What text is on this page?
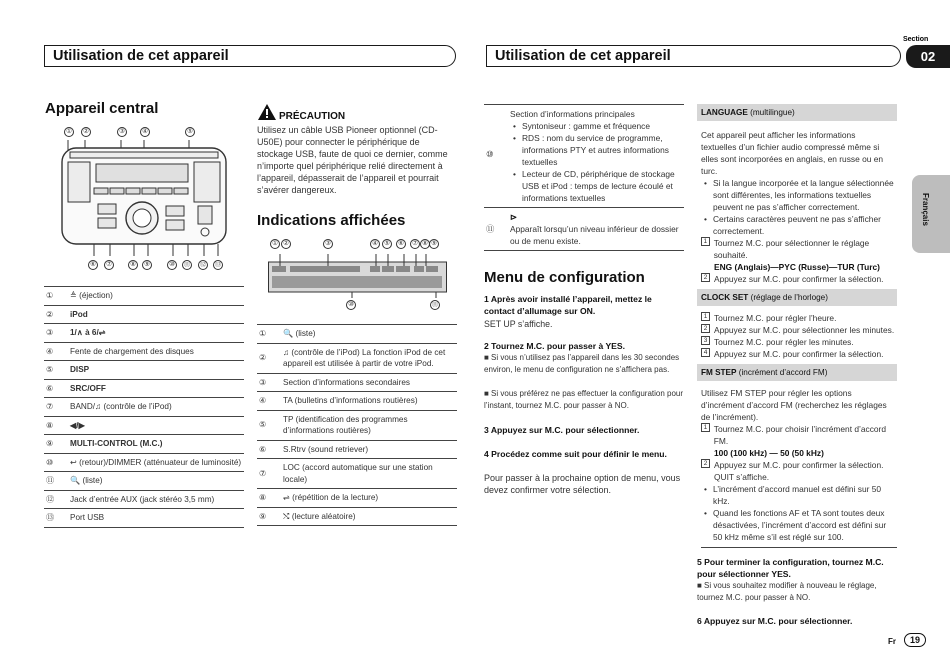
Section
02
Utilisation de cet appareil	Utilisation de cet appareil
Français
Appareil central
①	②	③	④	⑤
⑥	⑦	⑧	⑨	⑩	⑪ ⑫ ⑬
①	≜ (éjection)
②	iPod
③	1/∧ à 6/⇌
④	Fente de chargement des disques
⑤	DISP
⑥	SRC/OFF
⑦	BAND/♫ (contrôle de l’iPod)
⑧	◀/▶
⑨	MULTI-CONTROL (M.C.)
⑩	↩ (retour)/DIMMER (atténuateur de luminosité)
⑪	🔍 (liste)
⑫	Jack d’entrée AUX (jack stéréo 3,5 mm)
⑬	Port USB
PRÉCAUTION
Utilisez un câble USB Pioneer optionnel (CD-U50E) pour connecter le périphérique de stockage USB, faute de quoi ce dernier, comme n’importe quel périphérique relié directement à l’appareil, dépasserait de l’appareil et pourrait s’avérer dangereux.
Indications affichées
① ②	③	④ ⑤	⑥	⑦ ⑧ ⑨
⑩	⑪
①	🔍 (liste)
②	♫ (contrôle de l’iPod) La fonction iPod de cet appareil est utilisée à partir de votre iPod.
③	Section d’informations secondaires
④	TA (bulletins d’informations routières)
⑤	TP (identification des programmes d’informations routières)
⑥	S.Rtrv (sound retriever)
⑦	LOC (accord automatique sur une station locale)
⑧	⇌ (répétition de la lecture)
⑨	⤭ (lecture aléatoire)
⑩
Section d’informations principales
• Syntoniseur : gamme et fréquence
• RDS : nom du service de programme, informations PTY et autres informations textuelles
• Lecteur de CD, périphérique de stockage USB et iPod : temps de lecture écoulé et informations textuelles
⑪
⊳
Apparaît lorsqu’un niveau inférieur de dossier ou de menu existe.
Menu de configuration
1 Après avoir installé l’appareil, mettez le contact d’allumage sur ON.
SET UP s’affiche.
2 Tournez M.C. pour passer à YES.
■ Si vous n’utilisez pas l’appareil dans les 30 secondes environ, le menu de configuration ne s’affichera pas.
■ Si vous préférez ne pas effectuer la configuration pour l’instant, tournez M.C. pour passer à NO.
3 Appuyez sur M.C. pour sélectionner.
4 Procédez comme suit pour définir le menu.
Pour passer à la prochaine option de menu, vous devez confirmer votre sélection.
LANGUAGE (multilingue)
Cet appareil peut afficher les informations textuelles d’un fichier audio compressé même si elles sont incorporées en anglais, en russe ou en turc.
• Si la langue incorporée et la langue sélectionnée sont différentes, les informations textuelles peuvent ne pas s’afficher correctement.
• Certains caractères peuvent ne pas s’afficher correctement.
1 Tournez M.C. pour sélectionner le réglage souhaité.
ENG (Anglais)—PYC (Russe)—TUR (Turc)
2 Appuyez sur M.C. pour confirmer la sélection.
CLOCK SET (réglage de l’horloge)
1 Tournez M.C. pour régler l’heure.
2 Appuyez sur M.C. pour sélectionner les minutes.
3 Tournez M.C. pour régler les minutes.
4 Appuyez sur M.C. pour confirmer la sélection.
FM STEP (incrément d’accord FM)
Utilisez FM STEP pour régler les options d’incrément d’accord FM (recherchez les réglages de l’incrément).
1 Tournez M.C. pour choisir l’incrément d’accord FM.
100 (100 kHz) — 50 (50 kHz)
2 Appuyez sur M.C. pour confirmer la sélection.
QUIT s’affiche.
• L’incrément d’accord manuel est défini sur 50 kHz.
• Quand les fonctions AF et TA sont toutes deux désactivées, l’incrément d’accord est défini sur 50 kHz même s’il est réglé sur 100.
5 Pour terminer la configuration, tournez M.C. pour sélectionner YES.
■ Si vous souhaitez modifier à nouveau le réglage, tournez M.C. pour passer à NO.
6 Appuyez sur M.C. pour sélectionner.
Fr	19
